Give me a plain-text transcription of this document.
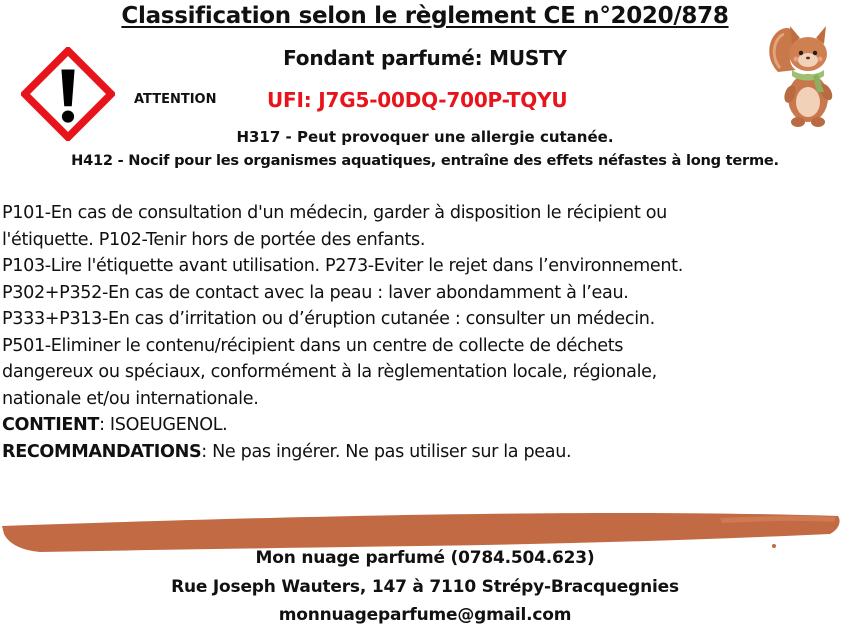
Classification selon le règlement CE n°2020/878
Fondant parfumé: MUSTY
ATTENTION	UFI: J7G5-00DQ-700P-TQYU
H317 - Peut provoquer une allergie cutanée.
H412 - Nocif pour les organismes aquatiques, entraîne des effets néfastes à long terme.

P101-En cas de consultation d'un médecin, garder à disposition le récipient ou

l'étiquette. P102-Tenir hors de portée des enfants.

P103-Lire l'étiquette avant utilisation. P273-Eviter le rejet dans l’environnement.

P302+P352-En cas de contact avec la peau : laver abondamment à l’eau.

P333+P313-En cas d’irritation ou d’éruption cutanée : consulter un médecin.

P501-Eliminer le contenu/récipient dans un centre de collecte de déchets

dangereux ou spéciaux, conformément à la règlementation locale, régionale,

nationale et/ou internationale.

CONTIENT: ISOEUGENOL.

RECOMMANDATIONS: Ne pas ingérer. Ne pas utiliser sur la peau.

Mon nuage parfumé (0784.504.623)
Rue Joseph Wauters, 147 à 7110 Strépy-Bracquegnies
monnuageparfume@gmail.com
